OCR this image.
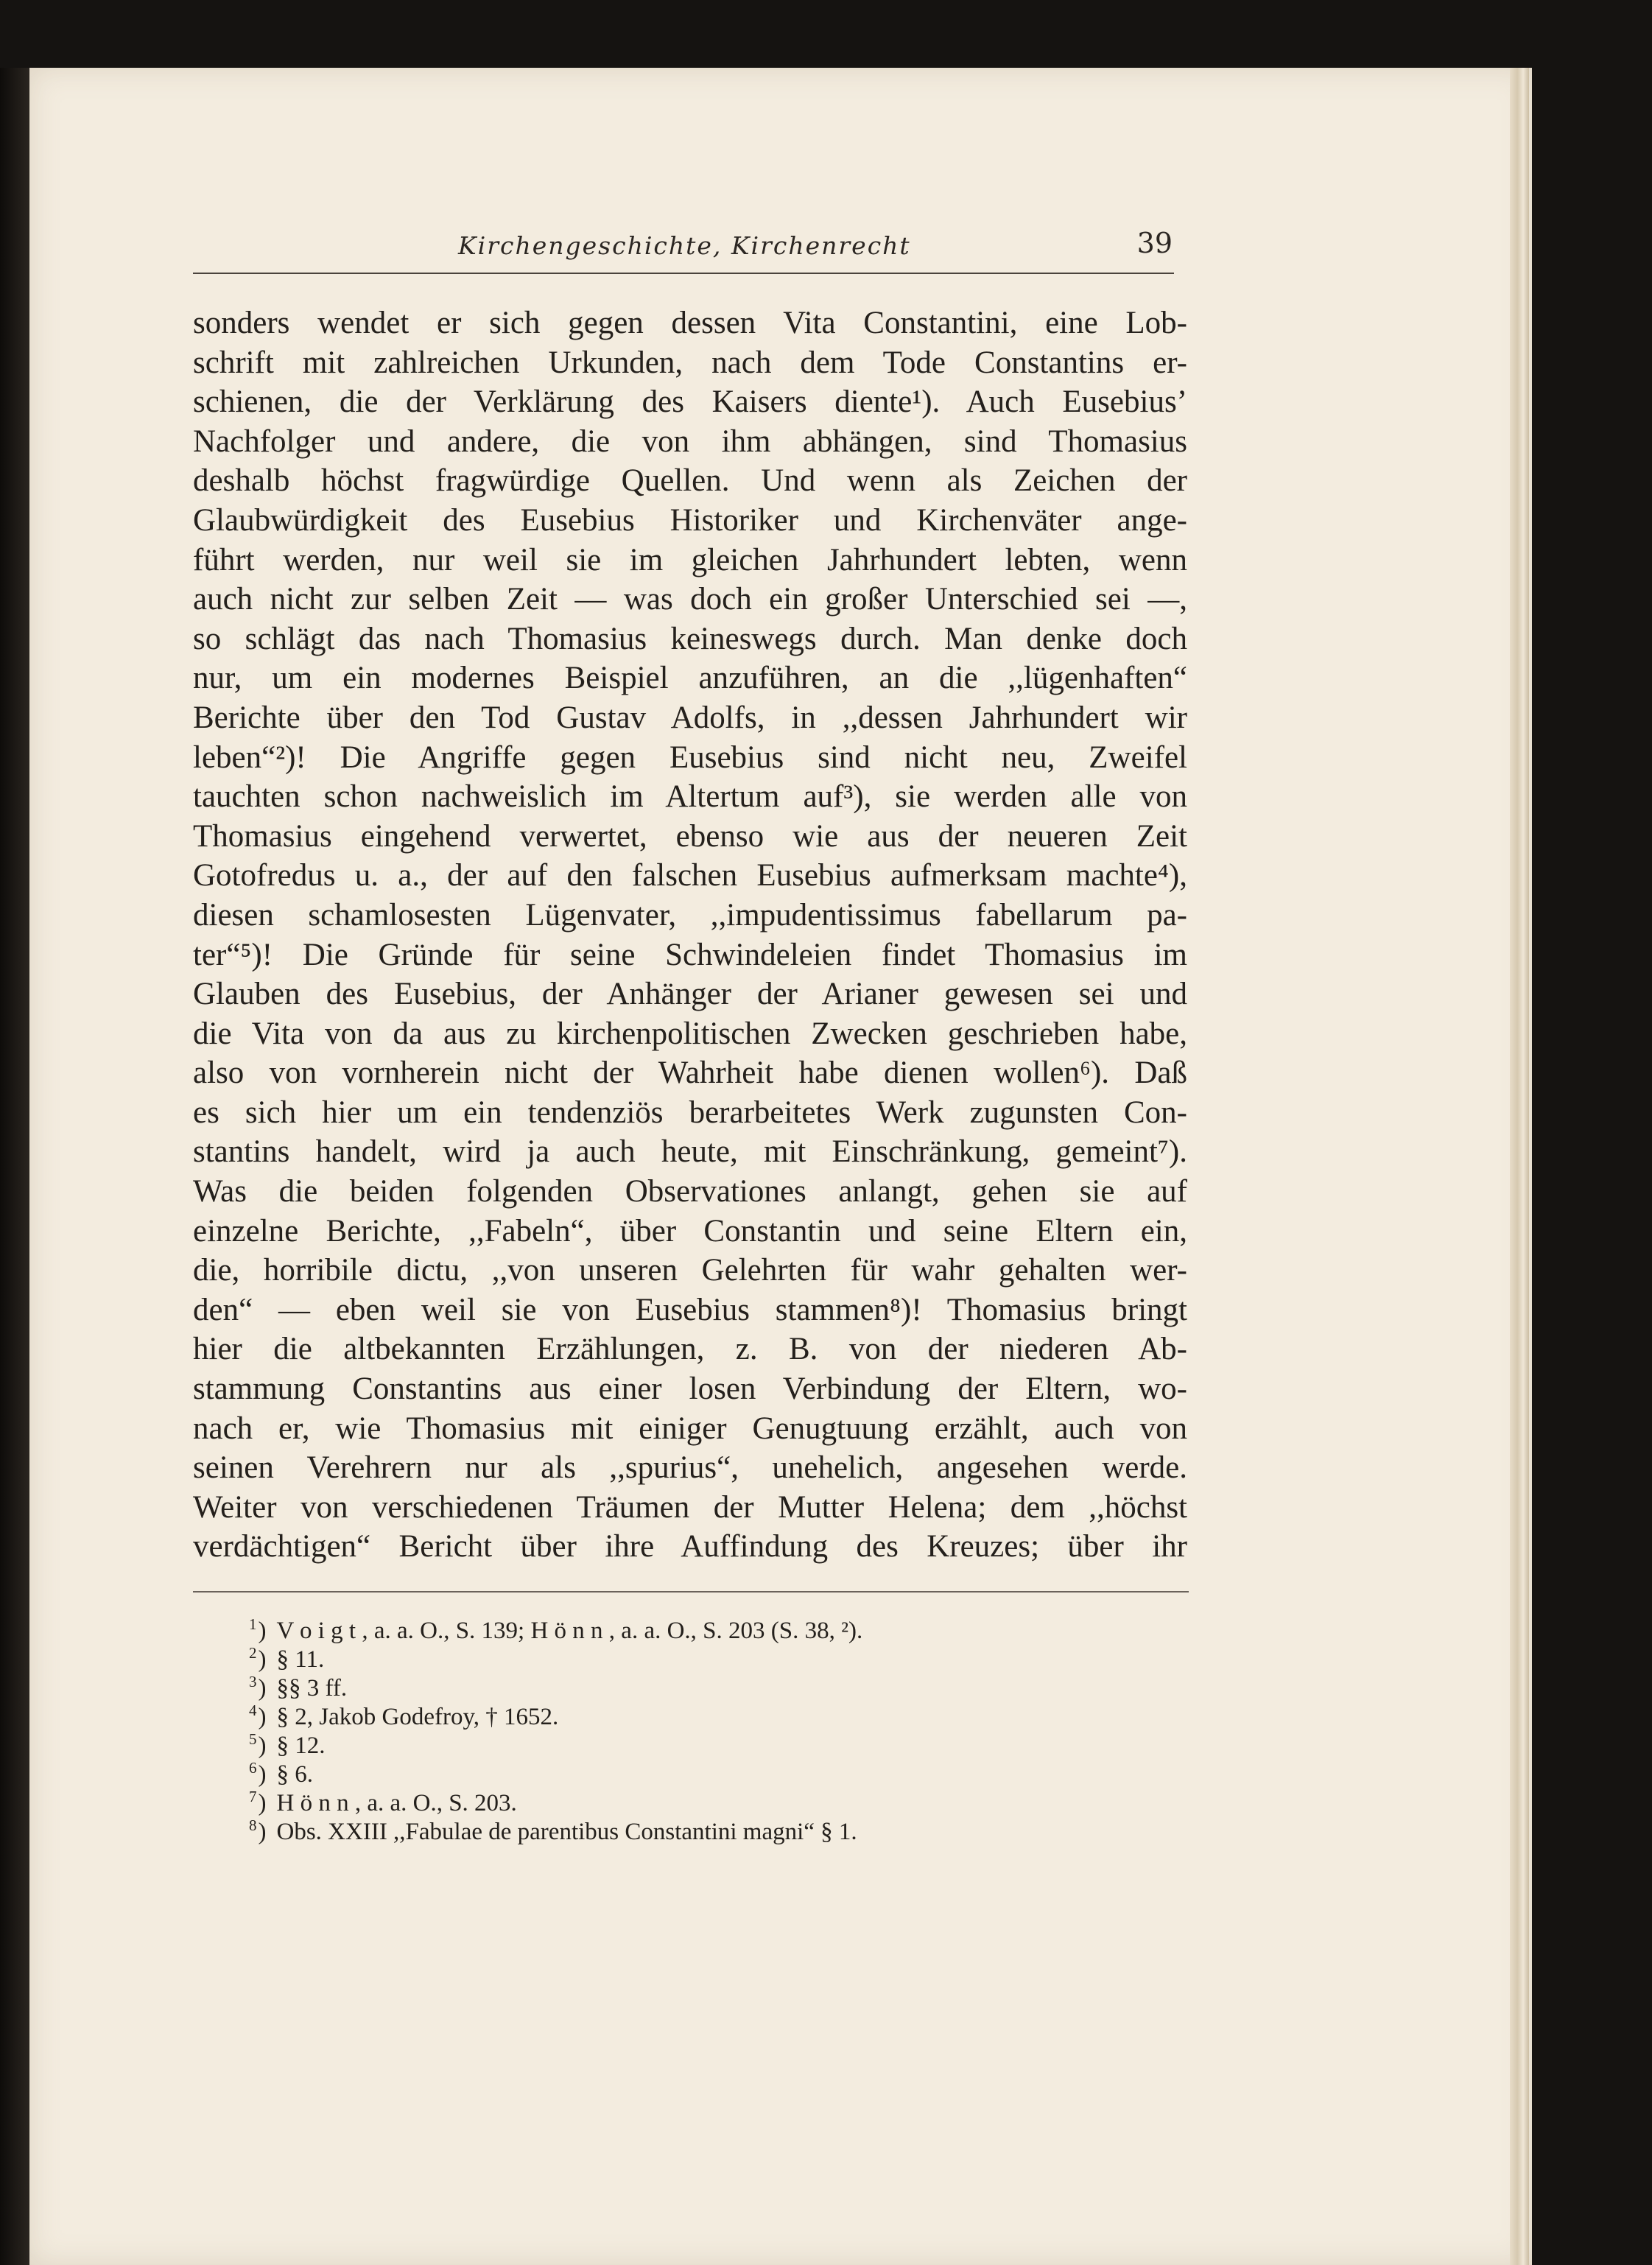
Kirchengeschichte, Kirchenrecht	39
sonders wendet er sich gegen dessen Vita Constantini, eine Lob-
schrift mit zahlreichen Urkunden, nach dem Tode Constantins er-
schienen, die der Verklärung des Kaisers diente¹). Auch Eusebius’
Nachfolger und andere, die von ihm abhängen, sind Thomasius
deshalb höchst fragwürdige Quellen. Und wenn als Zeichen der
Glaubwürdigkeit des Eusebius Historiker und Kirchenväter ange-
führt werden, nur weil sie im gleichen Jahrhundert lebten, wenn
auch nicht zur selben Zeit — was doch ein großer Unterschied sei —,
so schlägt das nach Thomasius keineswegs durch. Man denke doch
nur, um ein modernes Beispiel anzuführen, an die ,,lügenhaften“
Berichte über den Tod Gustav Adolfs, in ,,dessen Jahrhundert wir
leben“²)! Die Angriffe gegen Eusebius sind nicht neu, Zweifel
tauchten schon nachweislich im Altertum auf³), sie werden alle von
Thomasius eingehend verwertet, ebenso wie aus der neueren Zeit
Gotofredus u. a., der auf den falschen Eusebius aufmerksam machte⁴),
diesen schamlosesten Lügenvater, ,,impudentissimus fabellarum pa-
ter“⁵)! Die Gründe für seine Schwindeleien findet Thomasius im
Glauben des Eusebius, der Anhänger der Arianer gewesen sei und
die Vita von da aus zu kirchenpolitischen Zwecken geschrieben habe,
also von vornherein nicht der Wahrheit habe dienen wollen⁶). Daß
es sich hier um ein tendenziös berarbeitetes Werk zugunsten Con-
stantins handelt, wird ja auch heute, mit Einschränkung, gemeint⁷).
Was die beiden folgenden Observationes anlangt, gehen sie auf
einzelne Berichte, ,,Fabeln“, über Constantin und seine Eltern ein,
die, horribile dictu, ,,von unseren Gelehrten für wahr gehalten wer-
den“ — eben weil sie von Eusebius stammen⁸)! Thomasius bringt
hier die altbekannten Erzählungen, z. B. von der niederen Ab-
stammung Constantins aus einer losen Verbindung der Eltern, wo-
nach er, wie Thomasius mit einiger Genugtuung erzählt, auch von
seinen Verehrern nur als ,,spurius“, unehelich, angesehen werde.
Weiter von verschiedenen Träumen der Mutter Helena; dem ,,höchst
verdächtigen“ Bericht über ihre Auffindung des Kreuzes; über ihr
$^1$) V o i g t , a. a. O., S. 139; H ö n n , a. a. O., S. 203 (S. 38, ²).
$^2$) § 11.
$^3$) §§ 3 ff.
$^4$) § 2, Jakob Godefroy, † 1652.
$^5$) § 12.
$^6$) § 6.
$^7$) H ö n n , a. a. O., S. 203.
$^8$) Obs. XXIII ,,Fabulae de parentibus Constantini magni“ § 1.
